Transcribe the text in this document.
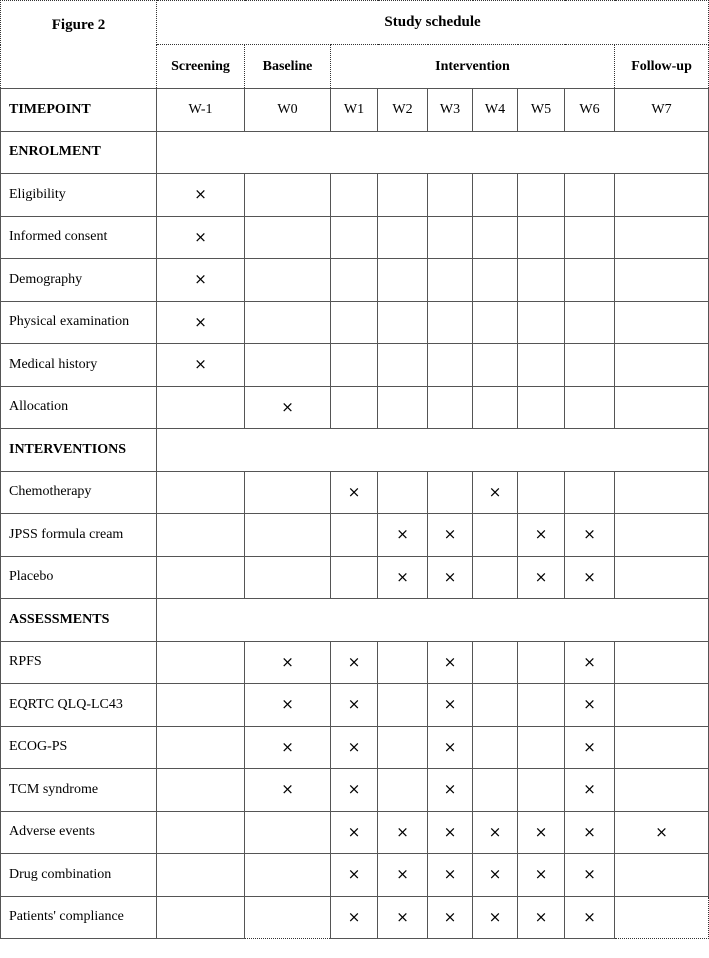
Figure 2	Study schedule								
	Screening	Baseline	Intervention						Follow-up
TIMEPOINT	W-1	W0	W1	W2	W3	W4	W5	W6	W7
ENROLMENT									
Eligibility	×								
Informed consent	×								
Demography	×								
Physical examination	×								
Medical history	×								
Allocation		×							
INTERVENTIONS									
Chemotherapy			×			×			
JPSS formula cream				×	×		×	×	
Placebo				×	×		×	×	
ASSESSMENTS									
RPFS		×	×		×			×	
EQRTC QLQ-LC43		×	×		×			×	
ECOG-PS		×	×		×			×	
TCM syndrome		×	×		×			×	
Adverse events			×	×	×	×	×	×	×
Drug combination			×	×	×	×	×	×	
Patients' compliance			×	×	×	×	×	×	
